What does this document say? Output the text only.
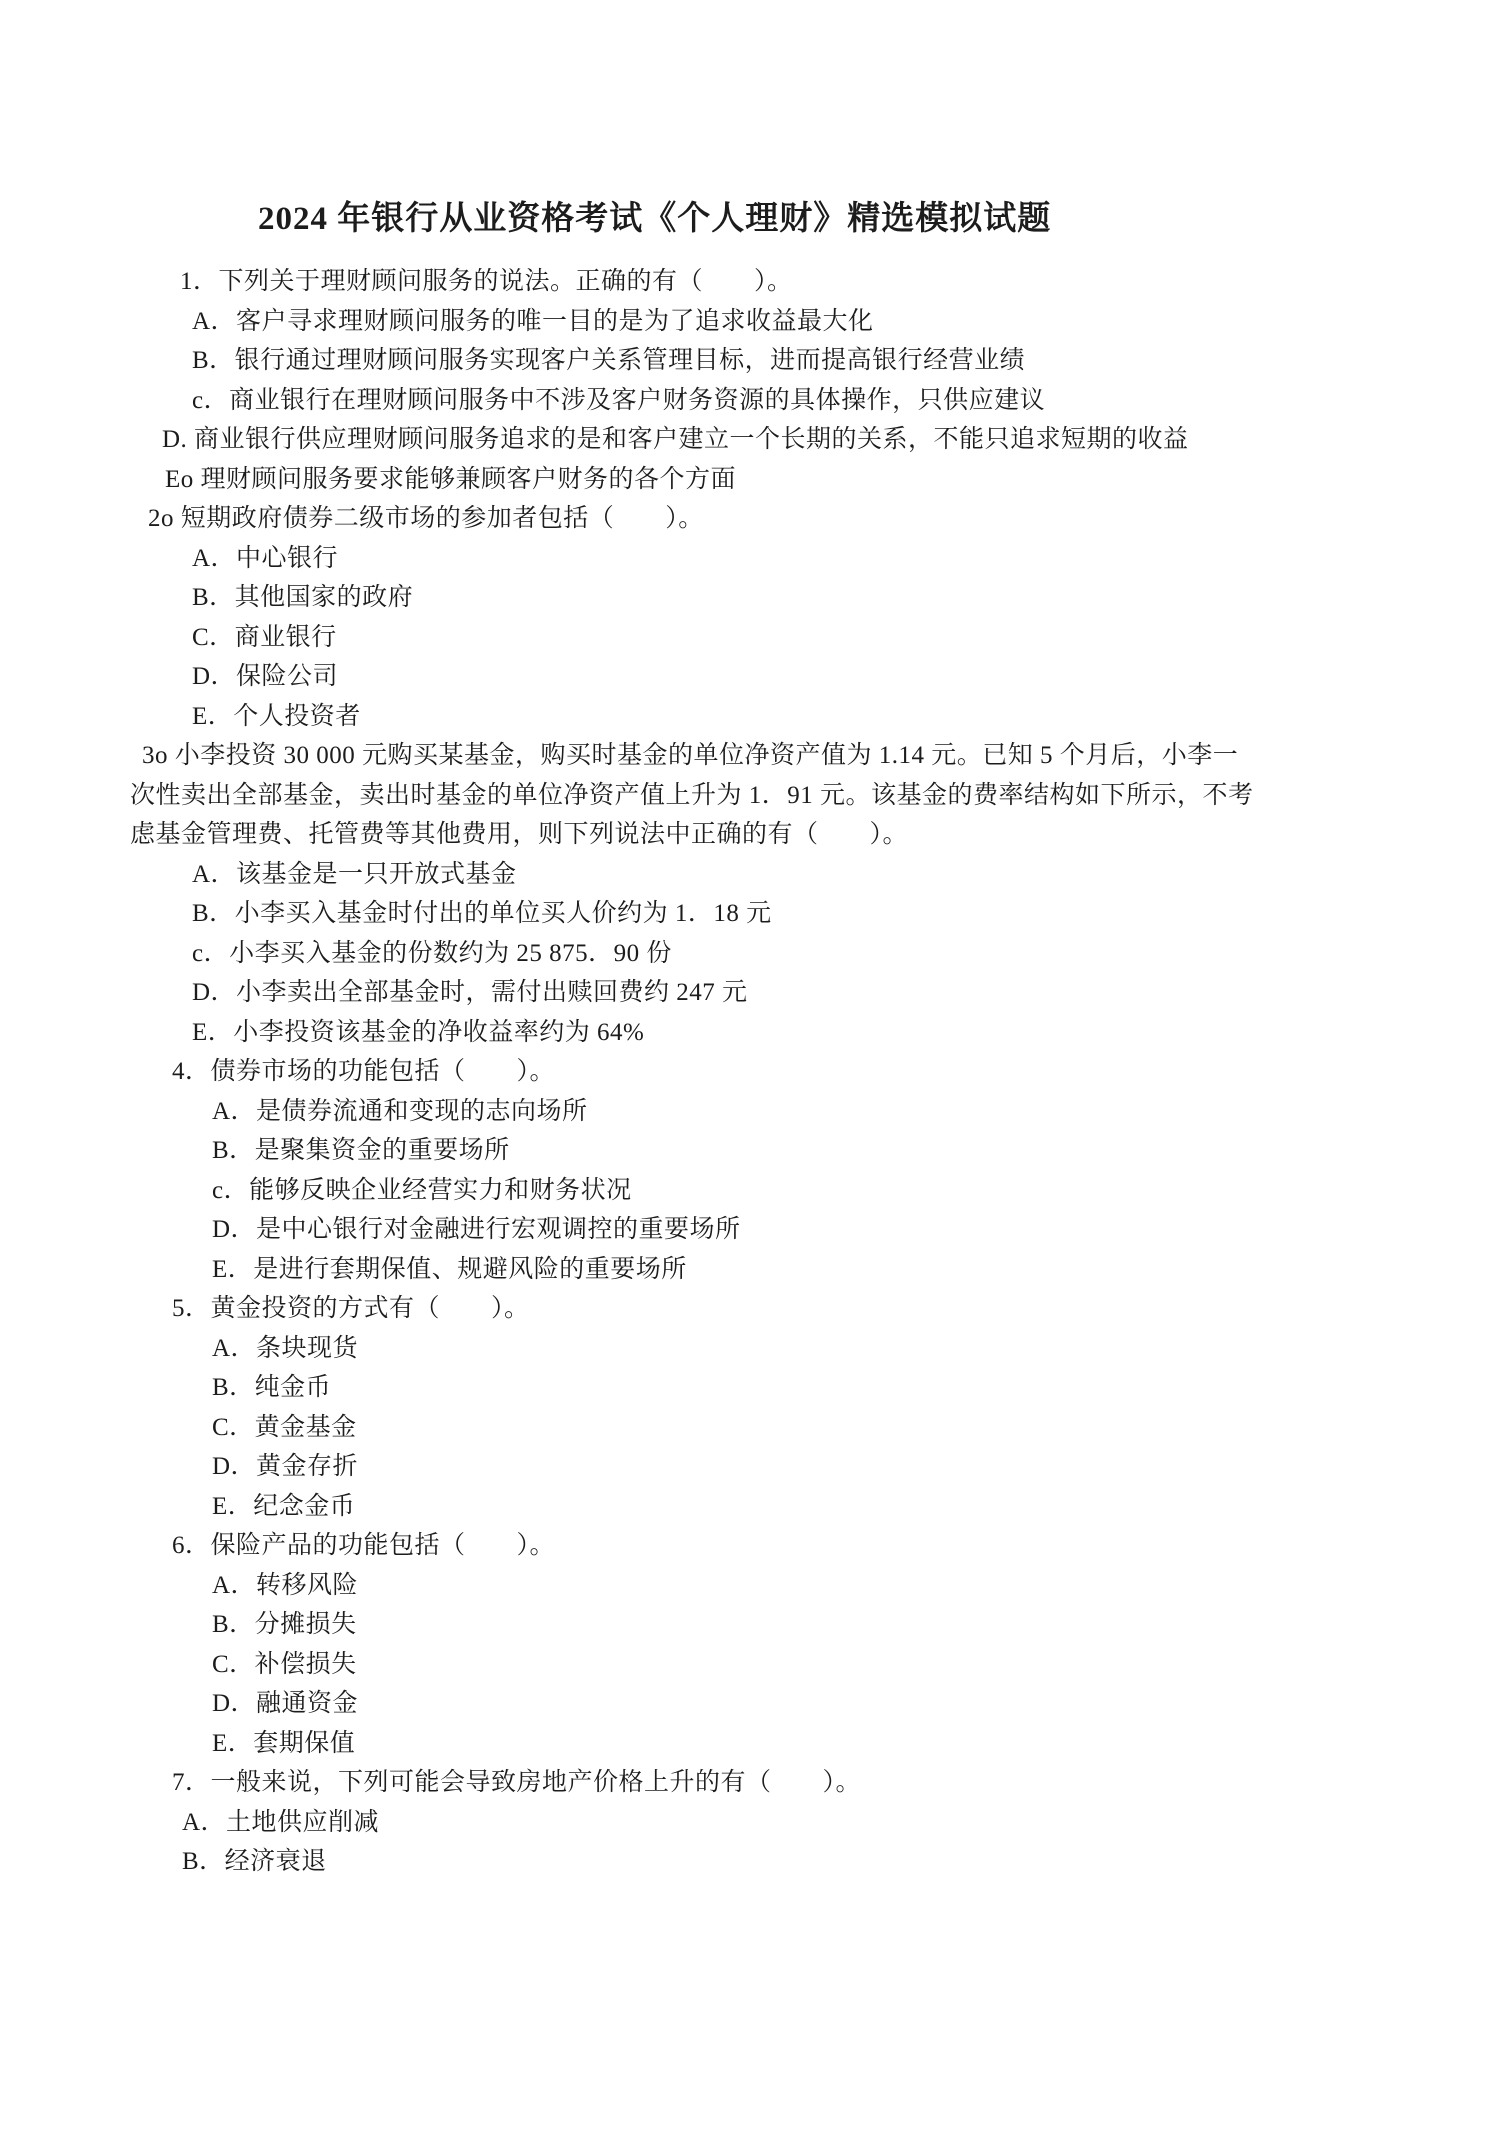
2024 年银行从业资格考试《个人理财》精选模拟试题
1．下列关于理财顾问服务的说法。正确的有（　　）。
A．客户寻求理财顾问服务的唯一目的是为了追求收益最大化
B．银行通过理财顾问服务实现客户关系管理目标，进而提高银行经营业绩
c．商业银行在理财顾问服务中不涉及客户财务资源的具体操作，只供应建议
D. 商业银行供应理财顾问服务追求的是和客户建立一个长期的关系，不能只追求短期的收益
Eo 理财顾问服务要求能够兼顾客户财务的各个方面
2o 短期政府债券二级市场的参加者包括（　　）。
A．中心银行
B．其他国家的政府
C．商业银行
D．保险公司
E．个人投资者
3o 小李投资 30 000 元购买某基金，购买时基金的单位净资产值为 1.14 元。已知 5 个月后，小李一次性卖出全部基金，卖出时基金的单位净资产值上升为 1．91 元。该基金的费率结构如下所示，不考虑基金管理费、托管费等其他费用，则下列说法中正确的有（　　）。
A．该基金是一只开放式基金
B．小李买入基金时付出的单位买人价约为 1．18 元
c．小李买入基金的份数约为 25 875．90 份
D．小李卖出全部基金时，需付出赎回费约 247 元
E．小李投资该基金的净收益率约为 64%
4．债券市场的功能包括（　　）。
A．是债券流通和变现的志向场所
B．是聚集资金的重要场所
c．能够反映企业经营实力和财务状况
D．是中心银行对金融进行宏观调控的重要场所
E．是进行套期保值、规避风险的重要场所
5．黄金投资的方式有（　　）。
A．条块现货
B．纯金币
C．黄金基金
D．黄金存折
E．纪念金币
6．保险产品的功能包括（　　）。
A．转移风险
B．分摊损失
C．补偿损失
D．融通资金
E．套期保值
7．一般来说，下列可能会导致房地产价格上升的有（　　）。
A．土地供应削减
B．经济衰退
